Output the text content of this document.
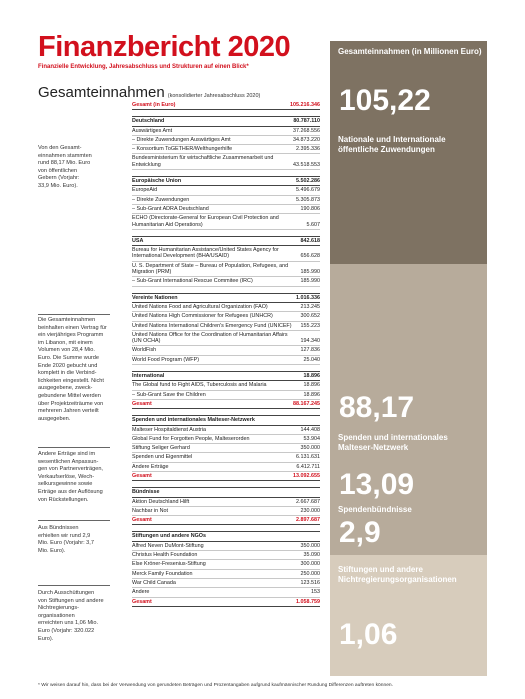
Finanzbericht 2020
Finanzielle Entwicklung, Jahresabschluss und Strukturen auf einen Blick*
Gesamteinnahmen (konsolidierter Jahresabschluss 2020)
Von den Gesamt-
einnahmen stammten
rund 88,17 Mio. Euro
von öffentlichen
Gebern (Vorjahr:
33,9 Mio. Euro).
Die Gesamteinnahmen
beinhalten einen Vertrag für
ein vierjähriges Programm
im Libanon, mit einem
Volumen von 28,4 Mio.
Euro. Die Summe wurde
Ende 2020 gebucht und
komplett in die Verbind-
lichkeiten eingestellt. Nicht
ausgegebene, zweck-
gebundene Mittel werden
über Projektzeiträume von
mehreren Jahren verteilt
ausgegeben.
Andere Erträge sind im
wesentlichen Anpassun-
gen von Partnerverträgen,
Verkaufserlöse, Wech-
selkursgewinne sowie
Erträge aus der Auflösung
von Rückstellungen.
Aus Bündnissen
erhielten wir rund 2,9
Mio. Euro (Vorjahr: 3,7
Mio. Euro).
Durch Ausschüttungen
von Stiftungen und andere
Nichtregierungs-
organisationen
erreichten uns 1,06 Mio.
Euro (Vorjahr: 320.022
Euro).
Gesamt (in Euro)	105.216.346
Deutschland	80.787.110
Auswärtiges Amt	37.268.556
– Direkte Zuwendungen Auswärtiges Amt	34.873.220
– Konsortium ToGETHER/Welthungerhilfe	2.395.336
Bundesministerium für wirtschaftliche Zusammenarbeit und Entwicklung	43.518.553
Europäische Union	5.502.286
EuropeAid	5.496.679
– Direkte Zuwendungen	5.305.873
– Sub-Grant ADRA Deutschland	190.806
ECHO (Directorate-General for European Civil Protection and Humanitarian Aid Operations)	5.607
USA	842.618
Bureau for Humanitarian Assistance/United States Agency for International Development (BHA/USAID)	656.628
U. S. Department of State – Bureau of Population, Refugees, and Migration (PRM)	185.990
– Sub-Grant International Rescue Commitee (IRC)	185.990
Vereinte Nationen	1.016.336
United Nations Food and Agricultural Organization (FAO)	213.245
United Nations High Commissioner for Refugees (UNHCR)	300.652
United Nations International Children's Emergency Fund (UNICEF)	155.223
United Nations Office for the Coordination of Humanitarian Affairs (UN OCHA)	194.340
WorldFish	127.836
World Food Program (WFP)	25.040
International	18.896
The Global fund to Fight AIDS, Tuberculosis and Malaria	18.896
– Sub-Grant Save the Children	18.896
Gesamt	88.167.245
Spenden und internationales Malteser-Netzwerk
Malteser Hospitaldienst Austria	144.408
Global Fund for Forgotten People, Malteserorden	53.904
Stiftung Seliger Gerhard	350.000
Spenden und Eigenmittel	6.131.631
Andere Erträge	6.412.711
Gesamt	13.092.655
Bündnisse
Aktion Deutschland Hilft	2.667.687
Nachbar in Not	230.000
Gesamt	2.897.687
Stiftungen und andere NGOs
Alfred Neven DuMont-Stiftung	350.000
Christus Health Foundation	35.090
Else Kröner-Fresenius-Stiftung	300.000
Merck Family Foundation	250.000
War Child Canada	123.516
Andere	153
Gesamt	1.058.759
Gesamteinnahmen (in Millionen Euro)
105,22
Nationale und Internationale öffentliche Zuwendungen
88,17
Spenden und internationales Malteser-Netzwerk
13,09
Spendenbündnisse
2,9
Stiftungen und andere Nichtregierungsorganisationen
1,06
* Wir weisen darauf hin, dass bei der Verwendung von gerundeten Beträgen und Prozentangaben aufgrund kaufmännischer Rundung Differenzen auftreten können.
